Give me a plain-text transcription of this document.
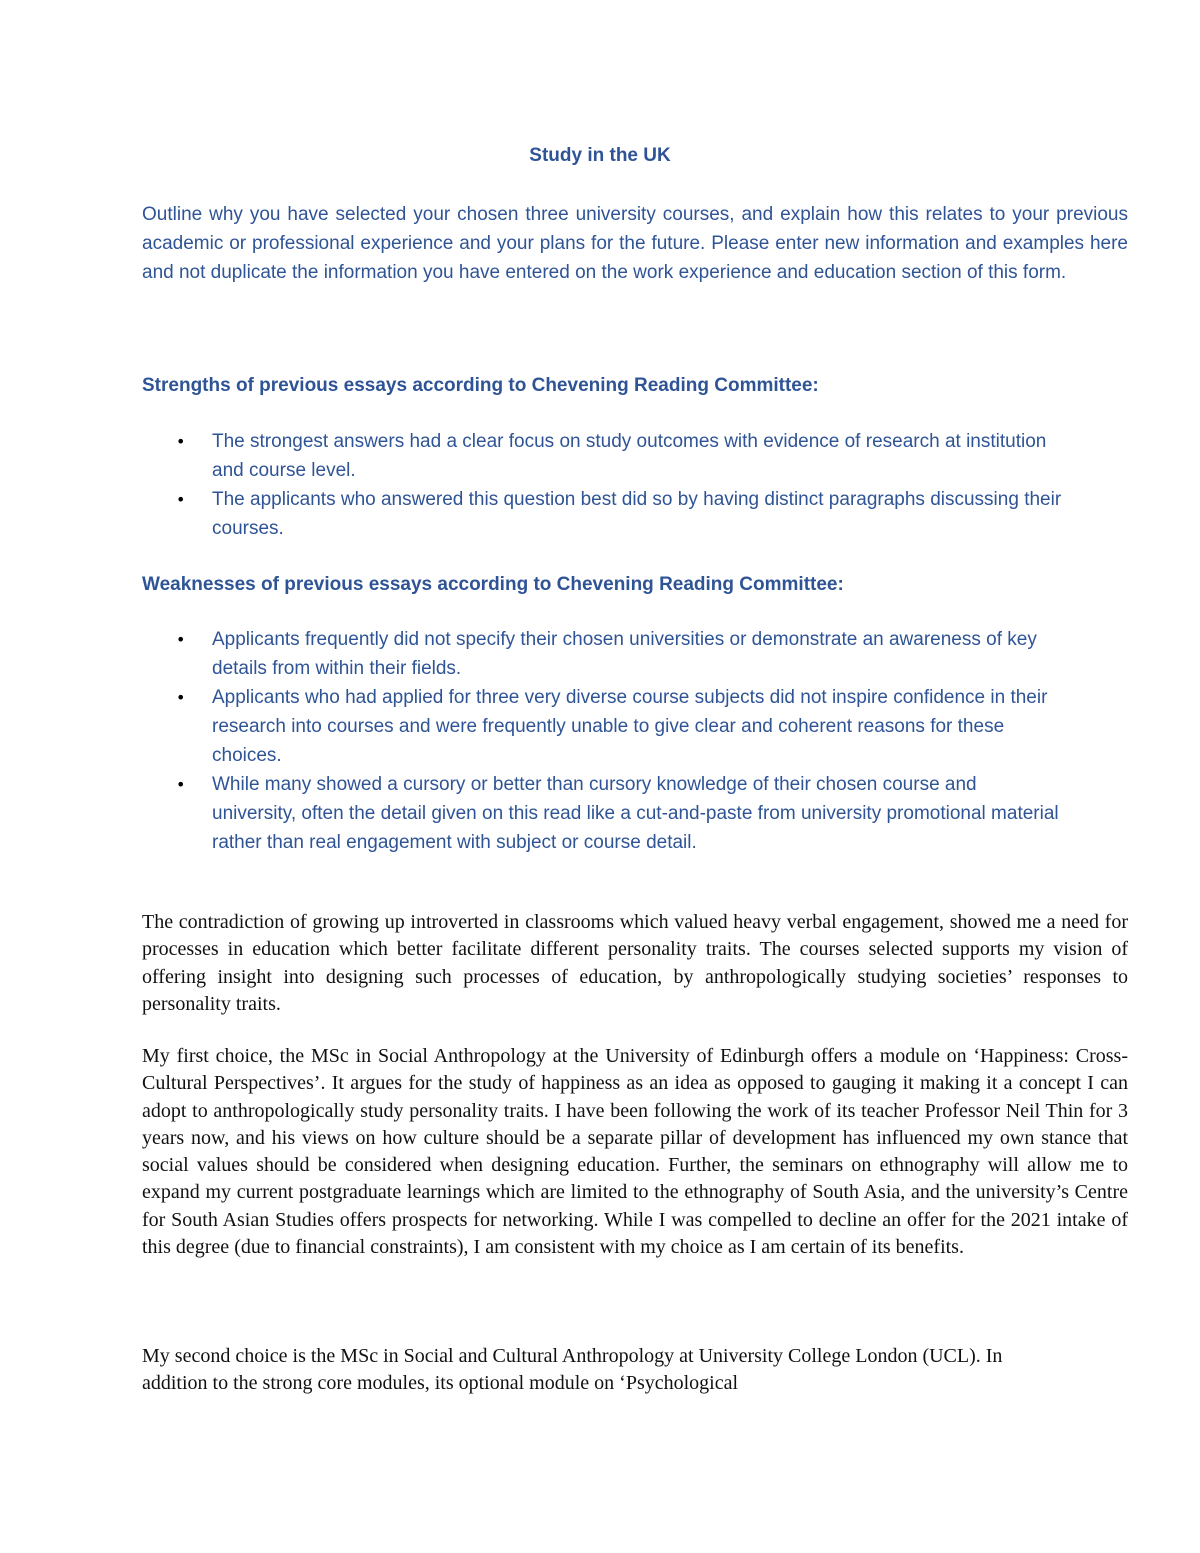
Study in the UK
Outline why you have selected your chosen three university courses, and explain how this relates to your previous academic or professional experience and your plans for the future. Please enter new information and examples here and not duplicate the information you have entered on the work experience and education section of this form.
Strengths of previous essays according to Chevening Reading Committee:
• The strongest answers had a clear focus on study outcomes with evidence of research at institution and course level.
• The applicants who answered this question best did so by having distinct paragraphs discussing their courses.
Weaknesses of previous essays according to Chevening Reading Committee:
• Applicants frequently did not specify their chosen universities or demonstrate an awareness of key details from within their fields.
• Applicants who had applied for three very diverse course subjects did not inspire confidence in their research into courses and were frequently unable to give clear and coherent reasons for these choices.
• While many showed a cursory or better than cursory knowledge of their chosen course and university, often the detail given on this read like a cut-and-paste from university promotional material rather than real engagement with subject or course detail.

The contradiction of growing up introverted in classrooms which valued heavy verbal engagement, showed me a need for processes in education which better facilitate different personality traits. The courses selected supports my vision of offering insight into designing such processes of education, by anthropologically studying societies’ responses to personality traits.

My first choice, the MSc in Social Anthropology at the University of Edinburgh offers a module on ‘Happiness: Cross-Cultural Perspectives’. It argues for the study of happiness as an idea as opposed to gauging it making it a concept I can adopt to anthropologically study personality traits. I have been following the work of its teacher Professor Neil Thin for 3 years now, and his views on how culture should be a separate pillar of development has influenced my own stance that social values should be considered when designing education. Further, the seminars on ethnography will allow me to expand my current postgraduate learnings which are limited to the ethnography of South Asia, and the university’s Centre for South Asian Studies offers prospects for networking. While I was compelled to decline an offer for the 2021 intake of this degree (due to financial constraints), I am consistent with my choice as I am certain of its benefits.

My second choice is the MSc in Social and Cultural Anthropology at University College London (UCL). In addition to the strong core modules, its optional module on ‘Psychological
